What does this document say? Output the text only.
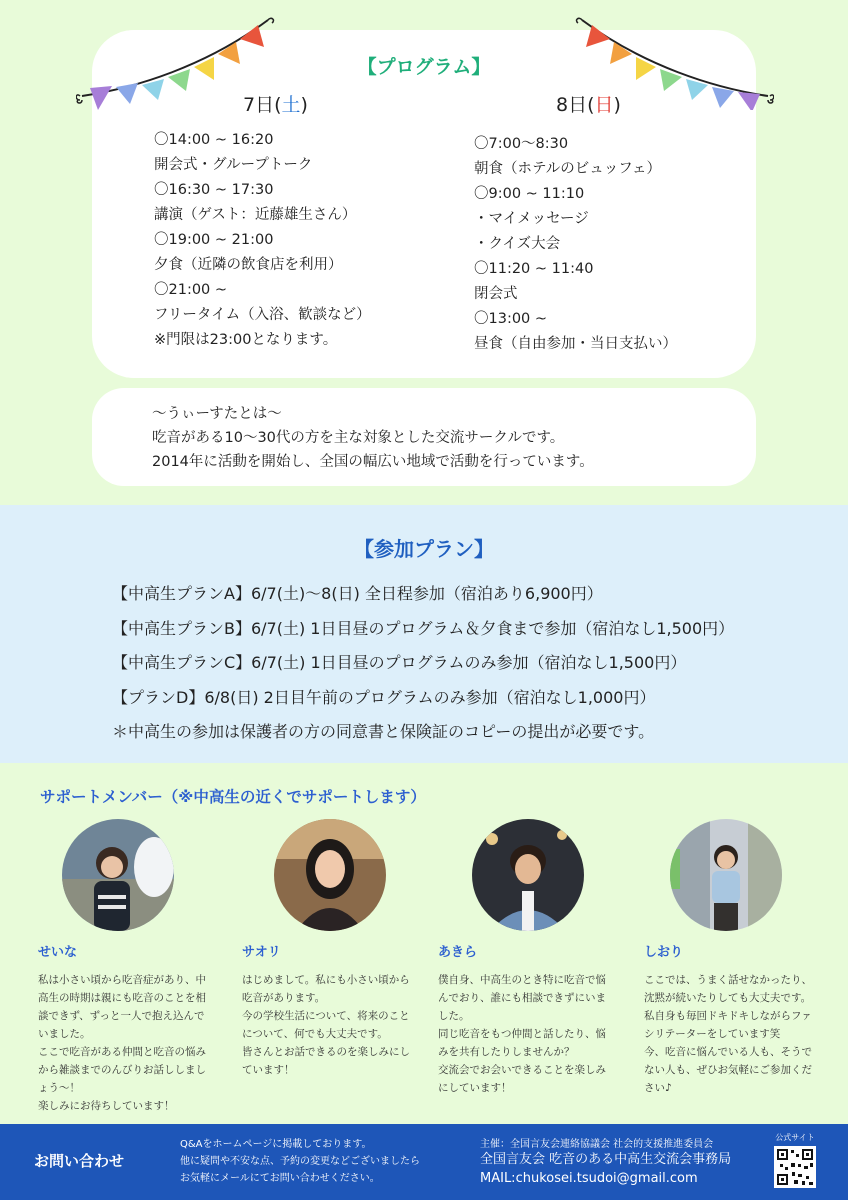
【プログラム】
7日(土)	8日(日)
〇14:00 ~ 16:20
開会式・グループトーク
〇16:30 ~ 17:30
講演（ゲスト：近藤雄生さん）
〇19:00 ~ 21:00
夕食（近隣の飲食店を利用）
〇21:00 ~
フリータイム（入浴、歓談など）
※門限は23:00となります。
〇7:00〜8:30
朝食（ホテルのビュッフェ）
〇9:00 ~ 11:10
・マイメッセージ
・クイズ大会
〇11:20 ~ 11:40
閉会式
〇13:00 ~
昼食（自由参加・当日支払い）
〜うぃーすたとは〜
吃音がある10〜30代の方を主な対象とした交流サークルです。
2014年に活動を開始し、全国の幅広い地域で活動を行っています。
【参加プラン】
【中高生プランA】6/7(土)〜8(日) 全日程参加（宿泊あり6,900円）
【中高生プランB】6/7(土) 1日目昼のプログラム＆夕食まで参加（宿泊なし1,500円）
【中高生プランC】6/7(土) 1日目昼のプログラムのみ参加（宿泊なし1,500円）
【プランD】6/8(日) 2日目午前のプログラムのみ参加（宿泊なし1,000円）
＊中高生の参加は保護者の方の同意書と保険証のコピーの提出が必要です。
サポートメンバー（※中高生の近くでサポートします）
せいな
私は小さい頃から吃音症があり、中
高生の時期は親にも吃音のことを相
談できず、ずっと一人で抱え込んで
いました。
ここで吃音がある仲間と吃音の悩み
から雑談までのんびりお話ししまし
ょう〜！
楽しみにお待ちしています！
サオリ
はじめまして。私にも小さい頃から
吃音があります。
今の学校生活について、将来のこと
について、何でも大丈夫です。
皆さんとお話できるのを楽しみにし
ています！
あきら
僕自身、中高生のとき特に吃音で悩
んでおり、誰にも相談できずにいま
した。
同じ吃音をもつ仲間と話したり、悩
みを共有したりしませんか？
交流会でお会いできることを楽しみ
にしています！
しおり
ここでは、うまく話せなかったり、
沈黙が続いたりしても大丈夫です。
私自身も毎回ドキドキしながらファ
シリテーターをしています笑
今、吃音に悩んでいる人も、そうで
ない人も、ぜひお気軽にご参加くだ
さい♪
お問い合わせ
Q&Aをホームページに掲載しております。
他に疑問や不安な点、予約の変更などございましたら
お気軽にメールにてお問い合わせください。
主催：全国言友会連絡協議会 社会的支援推進委員会
全国言友会 吃音のある中高生交流会事務局
MAIL:chukosei.tsudoi@gmail.com
公式サイト
